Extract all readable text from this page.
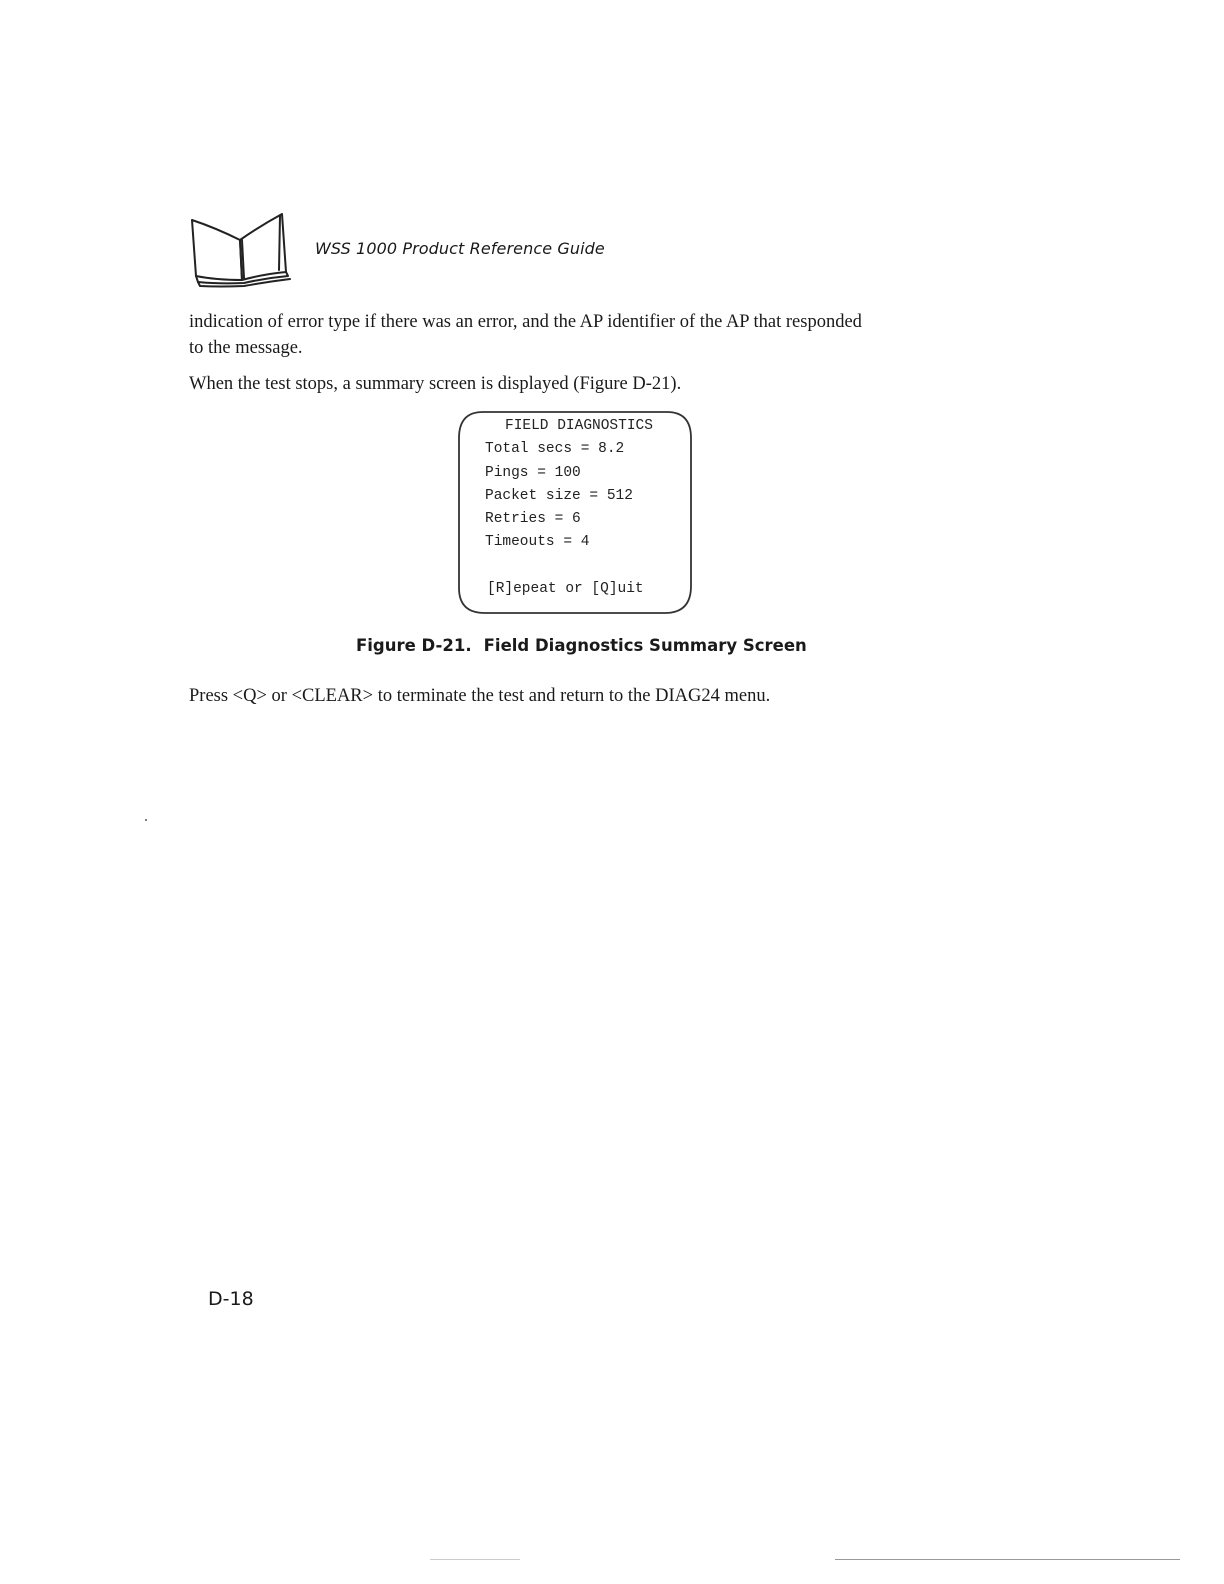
WSS 1000 Product Reference Guide
indication of error type if there was an error, and the AP identifier of the AP that responded
to the message.
When the test stops, a summary screen is displayed (Figure D-21).
FIELD DIAGNOSTICS
Total secs = 8.2
Pings = 100
Packet size = 512
Retries = 6
Timeouts = 4
[R]epeat or [Q]uit
Figure D-21. Field Diagnostics Summary Screen
Press <Q> or <CLEAR> to terminate the test and return to the DIAG24 menu.
D-18
